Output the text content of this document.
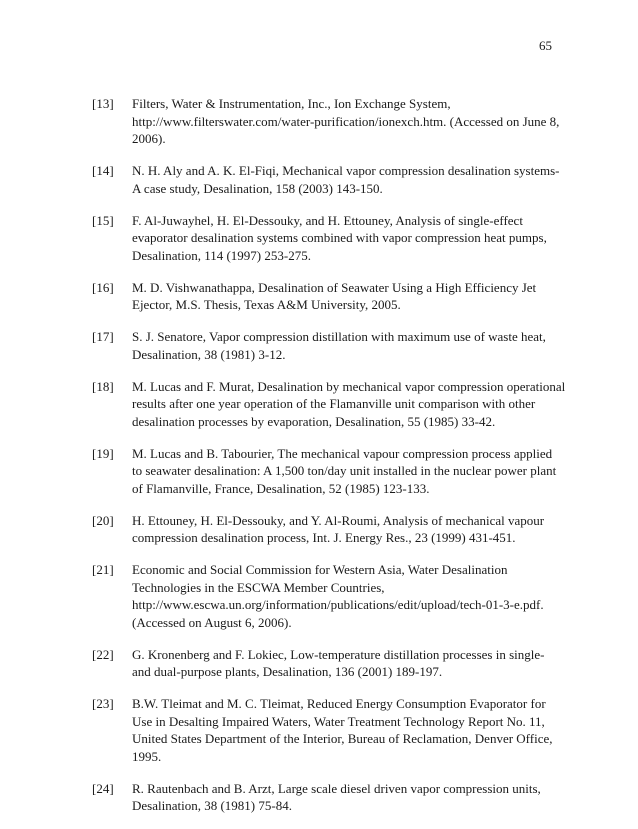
65
[13]	Filters, Water & Instrumentation, Inc., Ion Exchange System,
http://www.filterswater.com/water-purification/ionexch.htm. (Accessed on June 8,
2006).
[14]	N. H. Aly and A. K. El-Fiqi, Mechanical vapor compression desalination systems-
A case study, Desalination, 158 (2003) 143-150.
[15]	F. Al-Juwayhel, H. El-Dessouky, and H. Ettouney, Analysis of single-effect
evaporator desalination systems combined with vapor compression heat pumps,
Desalination, 114 (1997) 253-275.
[16]	M. D. Vishwanathappa, Desalination of Seawater Using a High Efficiency Jet
Ejector, M.S. Thesis, Texas A&M University, 2005.
[17]	S. J. Senatore, Vapor compression distillation with maximum use of waste heat,
Desalination, 38 (1981) 3-12.
[18]	M. Lucas and F. Murat, Desalination by mechanical vapor compression operational
results after one year operation of the Flamanville unit comparison with other
desalination processes by evaporation, Desalination, 55 (1985) 33-42.
[19]	M. Lucas and B. Tabourier, The mechanical vapour compression process applied
to seawater desalination: A 1,500 ton/day unit installed in the nuclear power plant
of Flamanville, France, Desalination, 52 (1985) 123-133.
[20]	H. Ettouney, H. El-Dessouky, and Y. Al-Roumi, Analysis of mechanical vapour
compression desalination process, Int. J. Energy Res., 23 (1999) 431-451.
[21]	Economic and Social Commission for Western Asia, Water Desalination
Technologies in the ESCWA Member Countries,
http://www.escwa.un.org/information/publications/edit/upload/tech-01-3-e.pdf.
(Accessed on August 6, 2006).
[22]	G. Kronenberg and F. Lokiec, Low-temperature distillation processes in single-
and dual-purpose plants, Desalination, 136 (2001) 189-197.
[23]	B.W. Tleimat and M. C. Tleimat, Reduced Energy Consumption Evaporator for
Use in Desalting Impaired Waters, Water Treatment Technology Report No. 11,
United States Department of the Interior, Bureau of Reclamation, Denver Office,
1995.
[24]	R. Rautenbach and B. Arzt, Large scale diesel driven vapor compression units,
Desalination, 38 (1981) 75-84.
